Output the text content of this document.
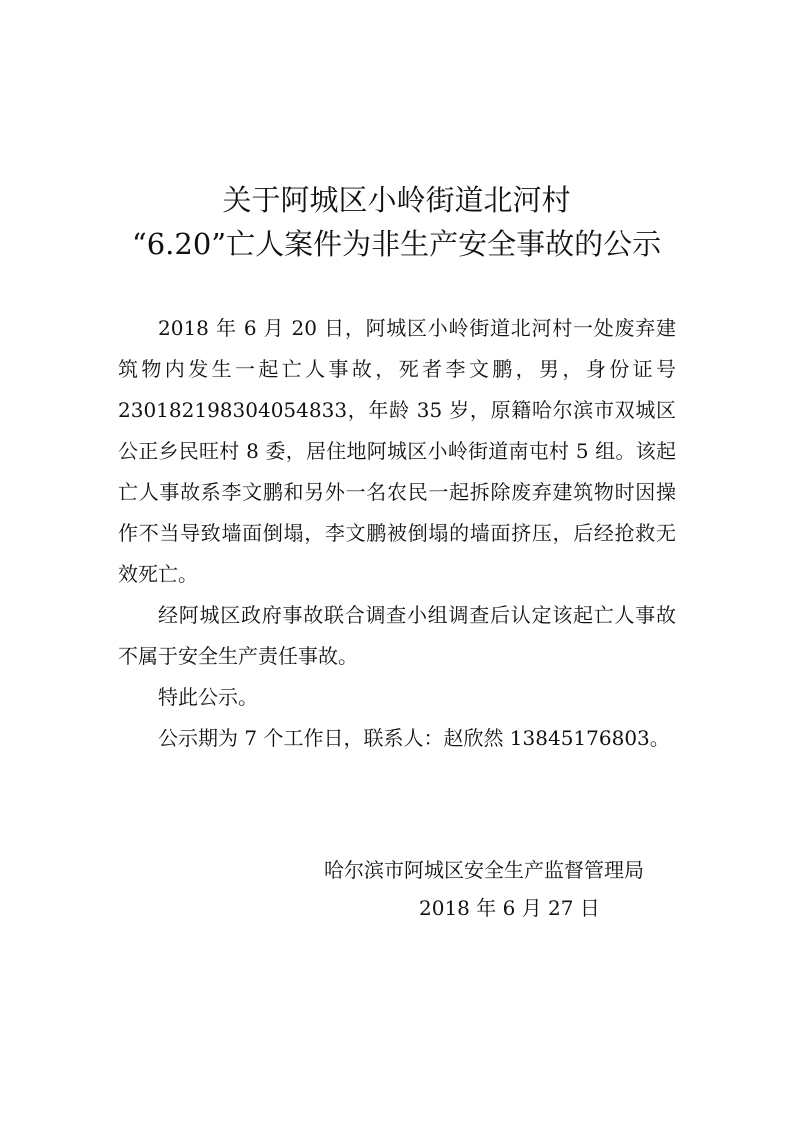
关于阿城区小岭街道北河村
“6.20”亡人案件为非生产安全事故的公示

2018 年 6 月 20 日，阿城区小岭街道北河村一处废弃建筑物内发生一起亡人事故，死者李文鹏，男，身份证号230182198304054833，年龄 35 岁，原籍哈尔滨市双城区公正乡民旺村 8 委，居住地阿城区小岭街道南屯村 5 组。该起亡人事故系李文鹏和另外一名农民一起拆除废弃建筑物时因操作不当导致墙面倒塌，李文鹏被倒塌的墙面挤压，后经抢救无效死亡。

经阿城区政府事故联合调查小组调查后认定该起亡人事故不属于安全生产责任事故。

特此公示。

公示期为 7 个工作日，联系人：赵欣然 13845176803。

哈尔滨市阿城区安全生产监督管理局
2018 年 6 月 27 日
